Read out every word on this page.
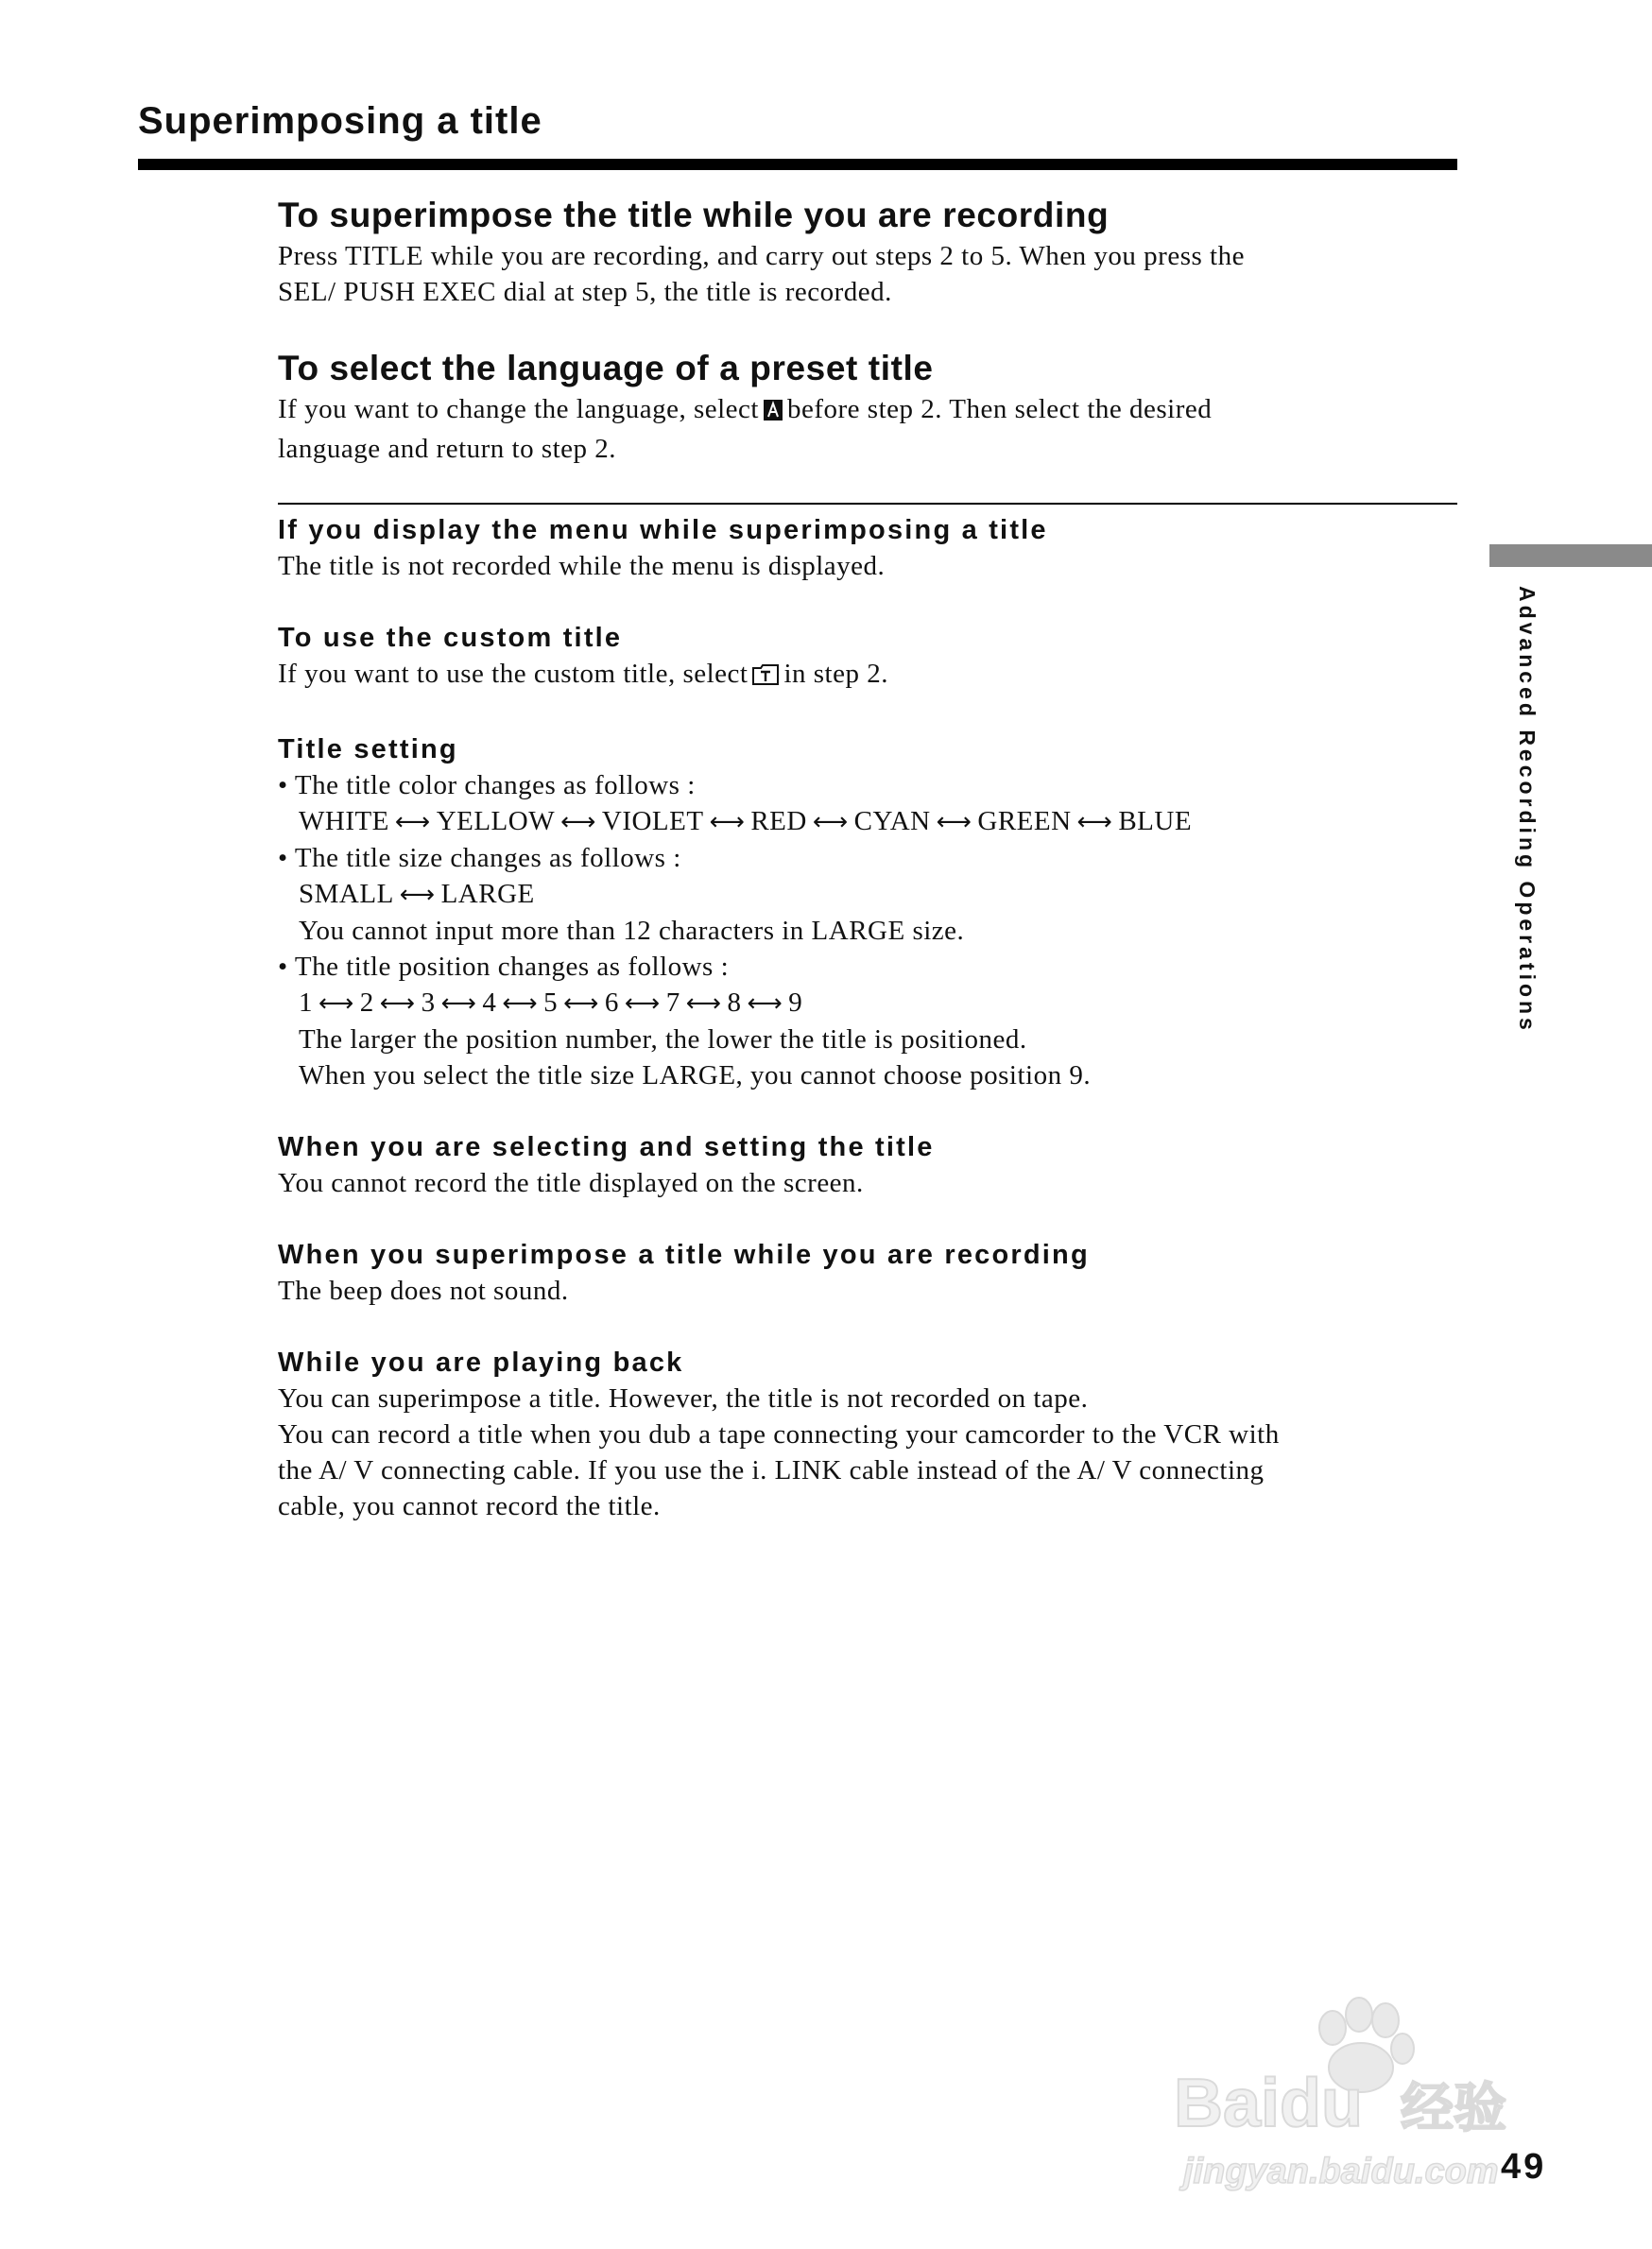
Superimposing a title
To superimpose the title while you are recording

Press TITLE while you are recording, and carry out steps 2 to 5. When you press the

SEL/ PUSH EXEC dial at step 5, the title is recorded.

To select the language of a preset title

If you want to change the language, select before step 2. Then select the desired

language and return to step 2.

If you display the menu while superimposing a title

The title is not recorded while the menu is displayed.

To use the custom title

If you want to use the custom title, select in step 2.

Title setting

• The title color changes as follows :

WHITE ⟷ YELLOW ⟷ VIOLET ⟷ RED ⟷ CYAN ⟷ GREEN ⟷ BLUE

• The title size changes as follows :

SMALL ⟷ LARGE

You cannot input more than 12 characters in LARGE size.

• The title position changes as follows :

1 ⟷ 2 ⟷ 3 ⟷ 4 ⟷ 5 ⟷ 6 ⟷ 7 ⟷ 8 ⟷ 9

The larger the position number, the lower the title is positioned.

When you select the title size LARGE, you cannot choose position 9.

When you are selecting and setting the title

You cannot record the title displayed on the screen.

When you superimpose a title while you are recording

The beep does not sound.

While you are playing back

You can superimpose a title. However, the title is not recorded on tape.

You can record a title when you dub a tape connecting your camcorder to the VCR with

the A/ V connecting cable. If you use the i. LINK cable instead of the A/ V connecting

cable, you cannot record the title.

Advanced Recording Operations
49
Baidu 经验
jingyan.baidu.com
